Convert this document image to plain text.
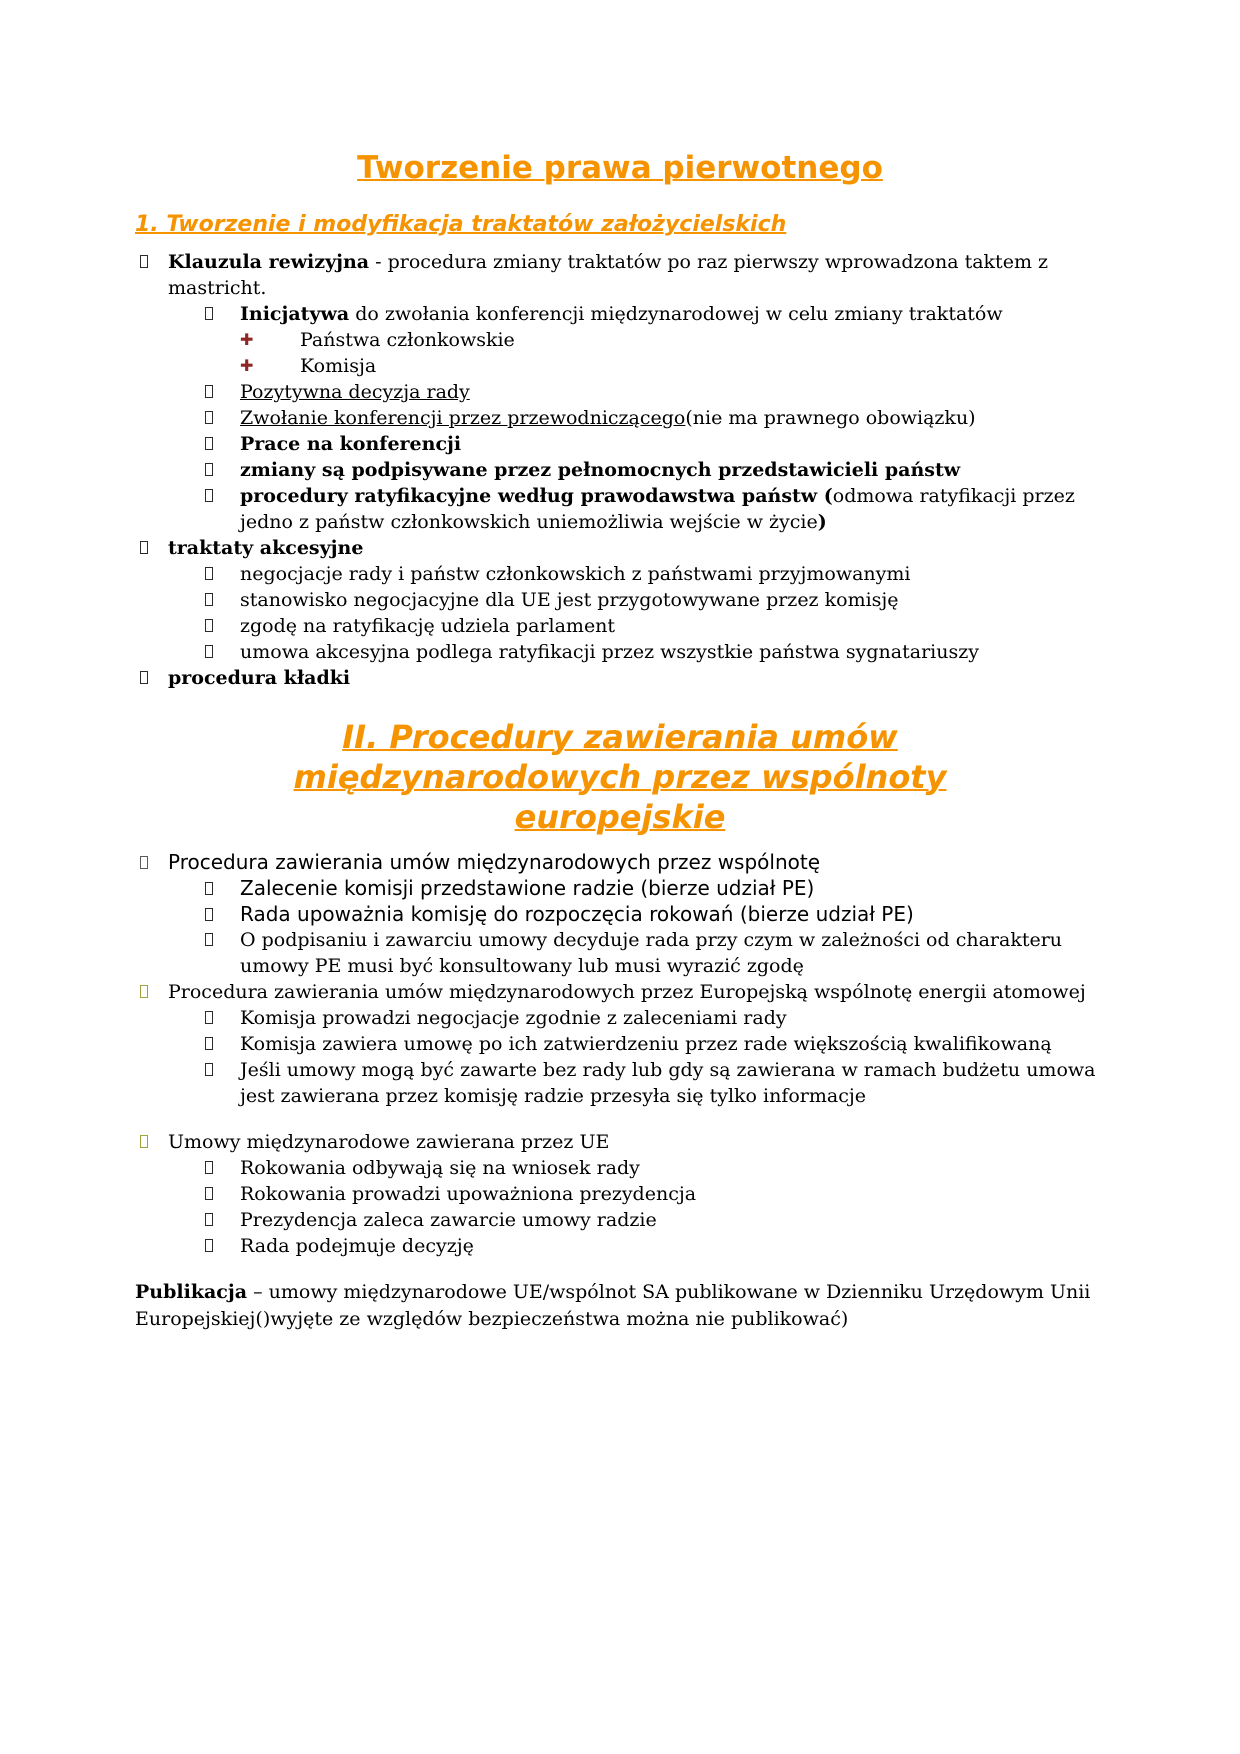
Tworzenie prawa pierwotnego
1. Tworzenie i modyfikacja traktatów założycielskich
Klauzula rewizyjna - procedura zmiany traktatów po raz pierwszy wprowadzona taktem z mastricht.
Inicjatywa do zwołania konferencji międzynarodowej w celu zmiany traktatów
✚	Państwa członkowskie
✚	Komisja
Pozytywna decyzja rady
Zwołanie konferencji przez przewodniczącego(nie ma prawnego obowiązku)
Prace na konferencji
zmiany są podpisywane przez pełnomocnych przedstawicieli państw
procedury ratyfikacyjne według prawodawstwa państw (odmowa ratyfikacji przez jedno z państw członkowskich uniemożliwia wejście w życie)
traktaty akcesyjne
negocjacje rady i państw członkowskich z państwami przyjmowanymi
stanowisko negocjacyjne dla UE jest przygotowywane przez komisję
zgodę na ratyfikację udziela parlament
umowa akcesyjna podlega ratyfikacji przez wszystkie państwa sygnatariuszy
procedura kładki
II. Procedury zawierania umów międzynarodowych przez wspólnoty europejskie
Procedura zawierania umów międzynarodowych przez wspólnotę
Zalecenie komisji przedstawione radzie (bierze udział PE)
Rada upoważnia komisję do rozpoczęcia rokowań (bierze udział PE)
O podpisaniu i zawarciu umowy decyduje rada przy czym w zależności od charakteru umowy PE musi być konsultowany lub musi wyrazić zgodę
Procedura zawierania umów międzynarodowych przez Europejską wspólnotę energii atomowej
Komisja prowadzi negocjacje zgodnie z zaleceniami rady
Komisja zawiera umowę po ich zatwierdzeniu przez rade większością kwalifikowaną
Jeśli umowy mogą być zawarte bez rady lub gdy są zawierana w ramach budżetu umowa jest zawierana przez komisję radzie przesyła się tylko informacje
Umowy międzynarodowe zawierana przez UE
Rokowania odbywają się na wniosek rady
Rokowania prowadzi upoważniona prezydencja
Prezydencja zaleca zawarcie umowy radzie
Rada podejmuje decyzję

Publikacja – umowy międzynarodowe UE/wspólnot SA publikowane w Dzienniku Urzędowym Unii Europejskiej()wyjęte ze względów bezpieczeństwa można nie publikować)
